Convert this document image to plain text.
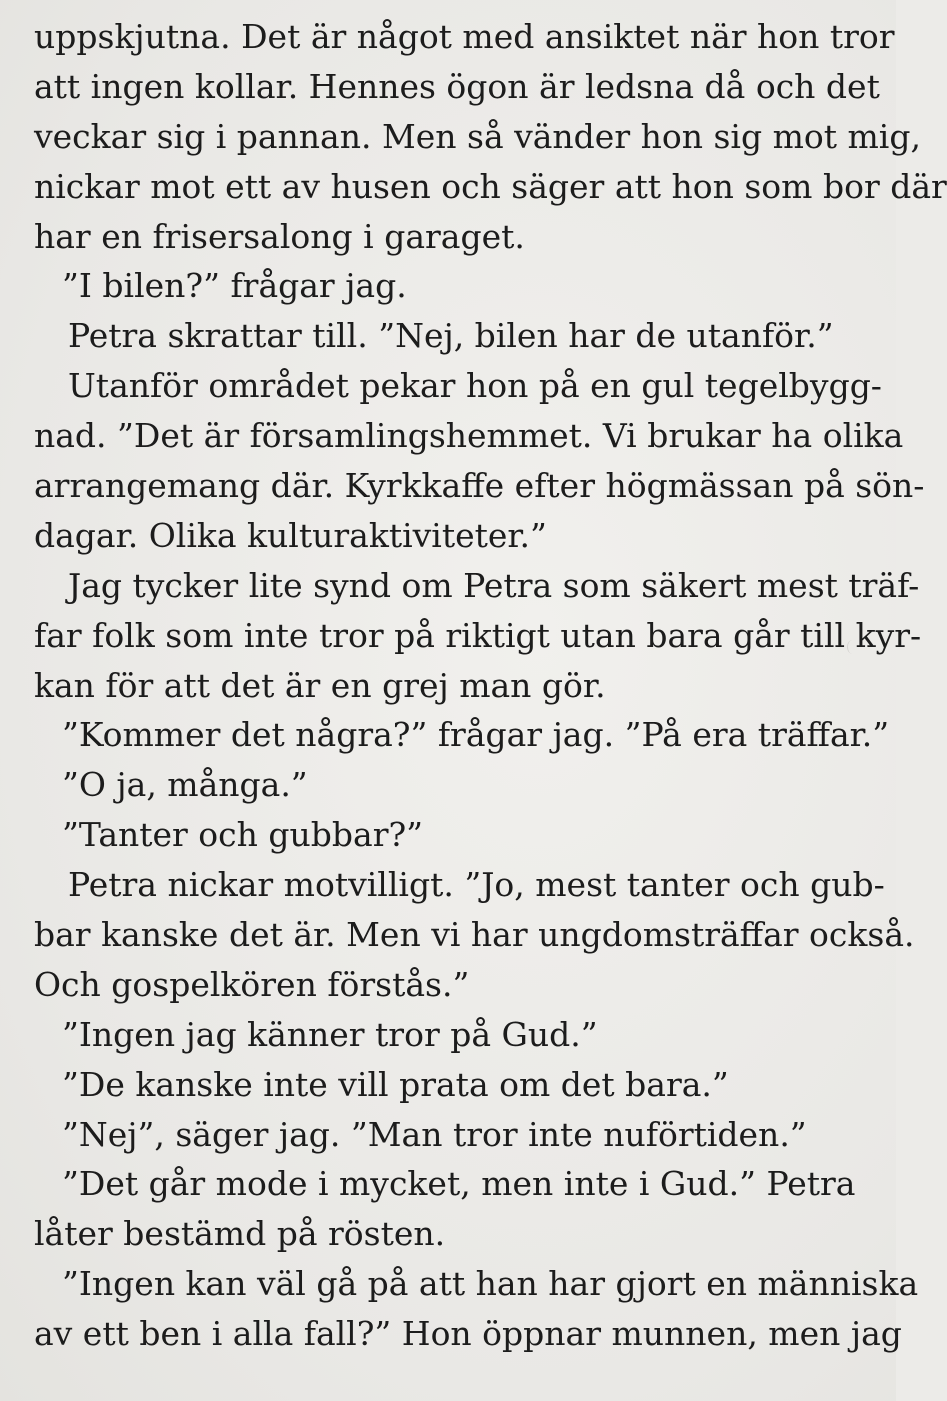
uppskjutna. Det är något med ansiktet när hon tror
att ingen kollar. Hennes ögon är ledsna då och det
veckar sig i pannan. Men så vänder hon sig mot mig,
nickar mot ett av husen och säger att hon som bor där
har en frisersalong i garaget.
”I bilen?” frågar jag.
Petra skrattar till. ”Nej, bilen har de utanför.”
Utanför området pekar hon på en gul tegelbygg-
nad. ”Det är församlingshemmet. Vi brukar ha olika
arrangemang där. Kyrkkaffe efter högmässan på sön-
dagar. Olika kulturaktiviteter.”
Jag tycker lite synd om Petra som säkert mest träf-
far folk som inte tror på riktigt utan bara går till kyr-
kan för att det är en grej man gör.
”Kommer det några?” frågar jag. ”På era träffar.”
”O ja, många.”
”Tanter och gubbar?”
Petra nickar motvilligt. ”Jo, mest tanter och gub-
bar kanske det är. Men vi har ungdomsträffar också.
Och gospelkören förstås.”
”Ingen jag känner tror på Gud.”
”De kanske inte vill prata om det bara.”
”Nej”, säger jag. ”Man tror inte nuförtiden.”
”Det går mode i mycket, men inte i Gud.” Petra
låter bestämd på rösten.
”Ingen kan väl gå på att han har gjort en människa
av ett ben i alla fall?” Hon öppnar munnen, men jag
